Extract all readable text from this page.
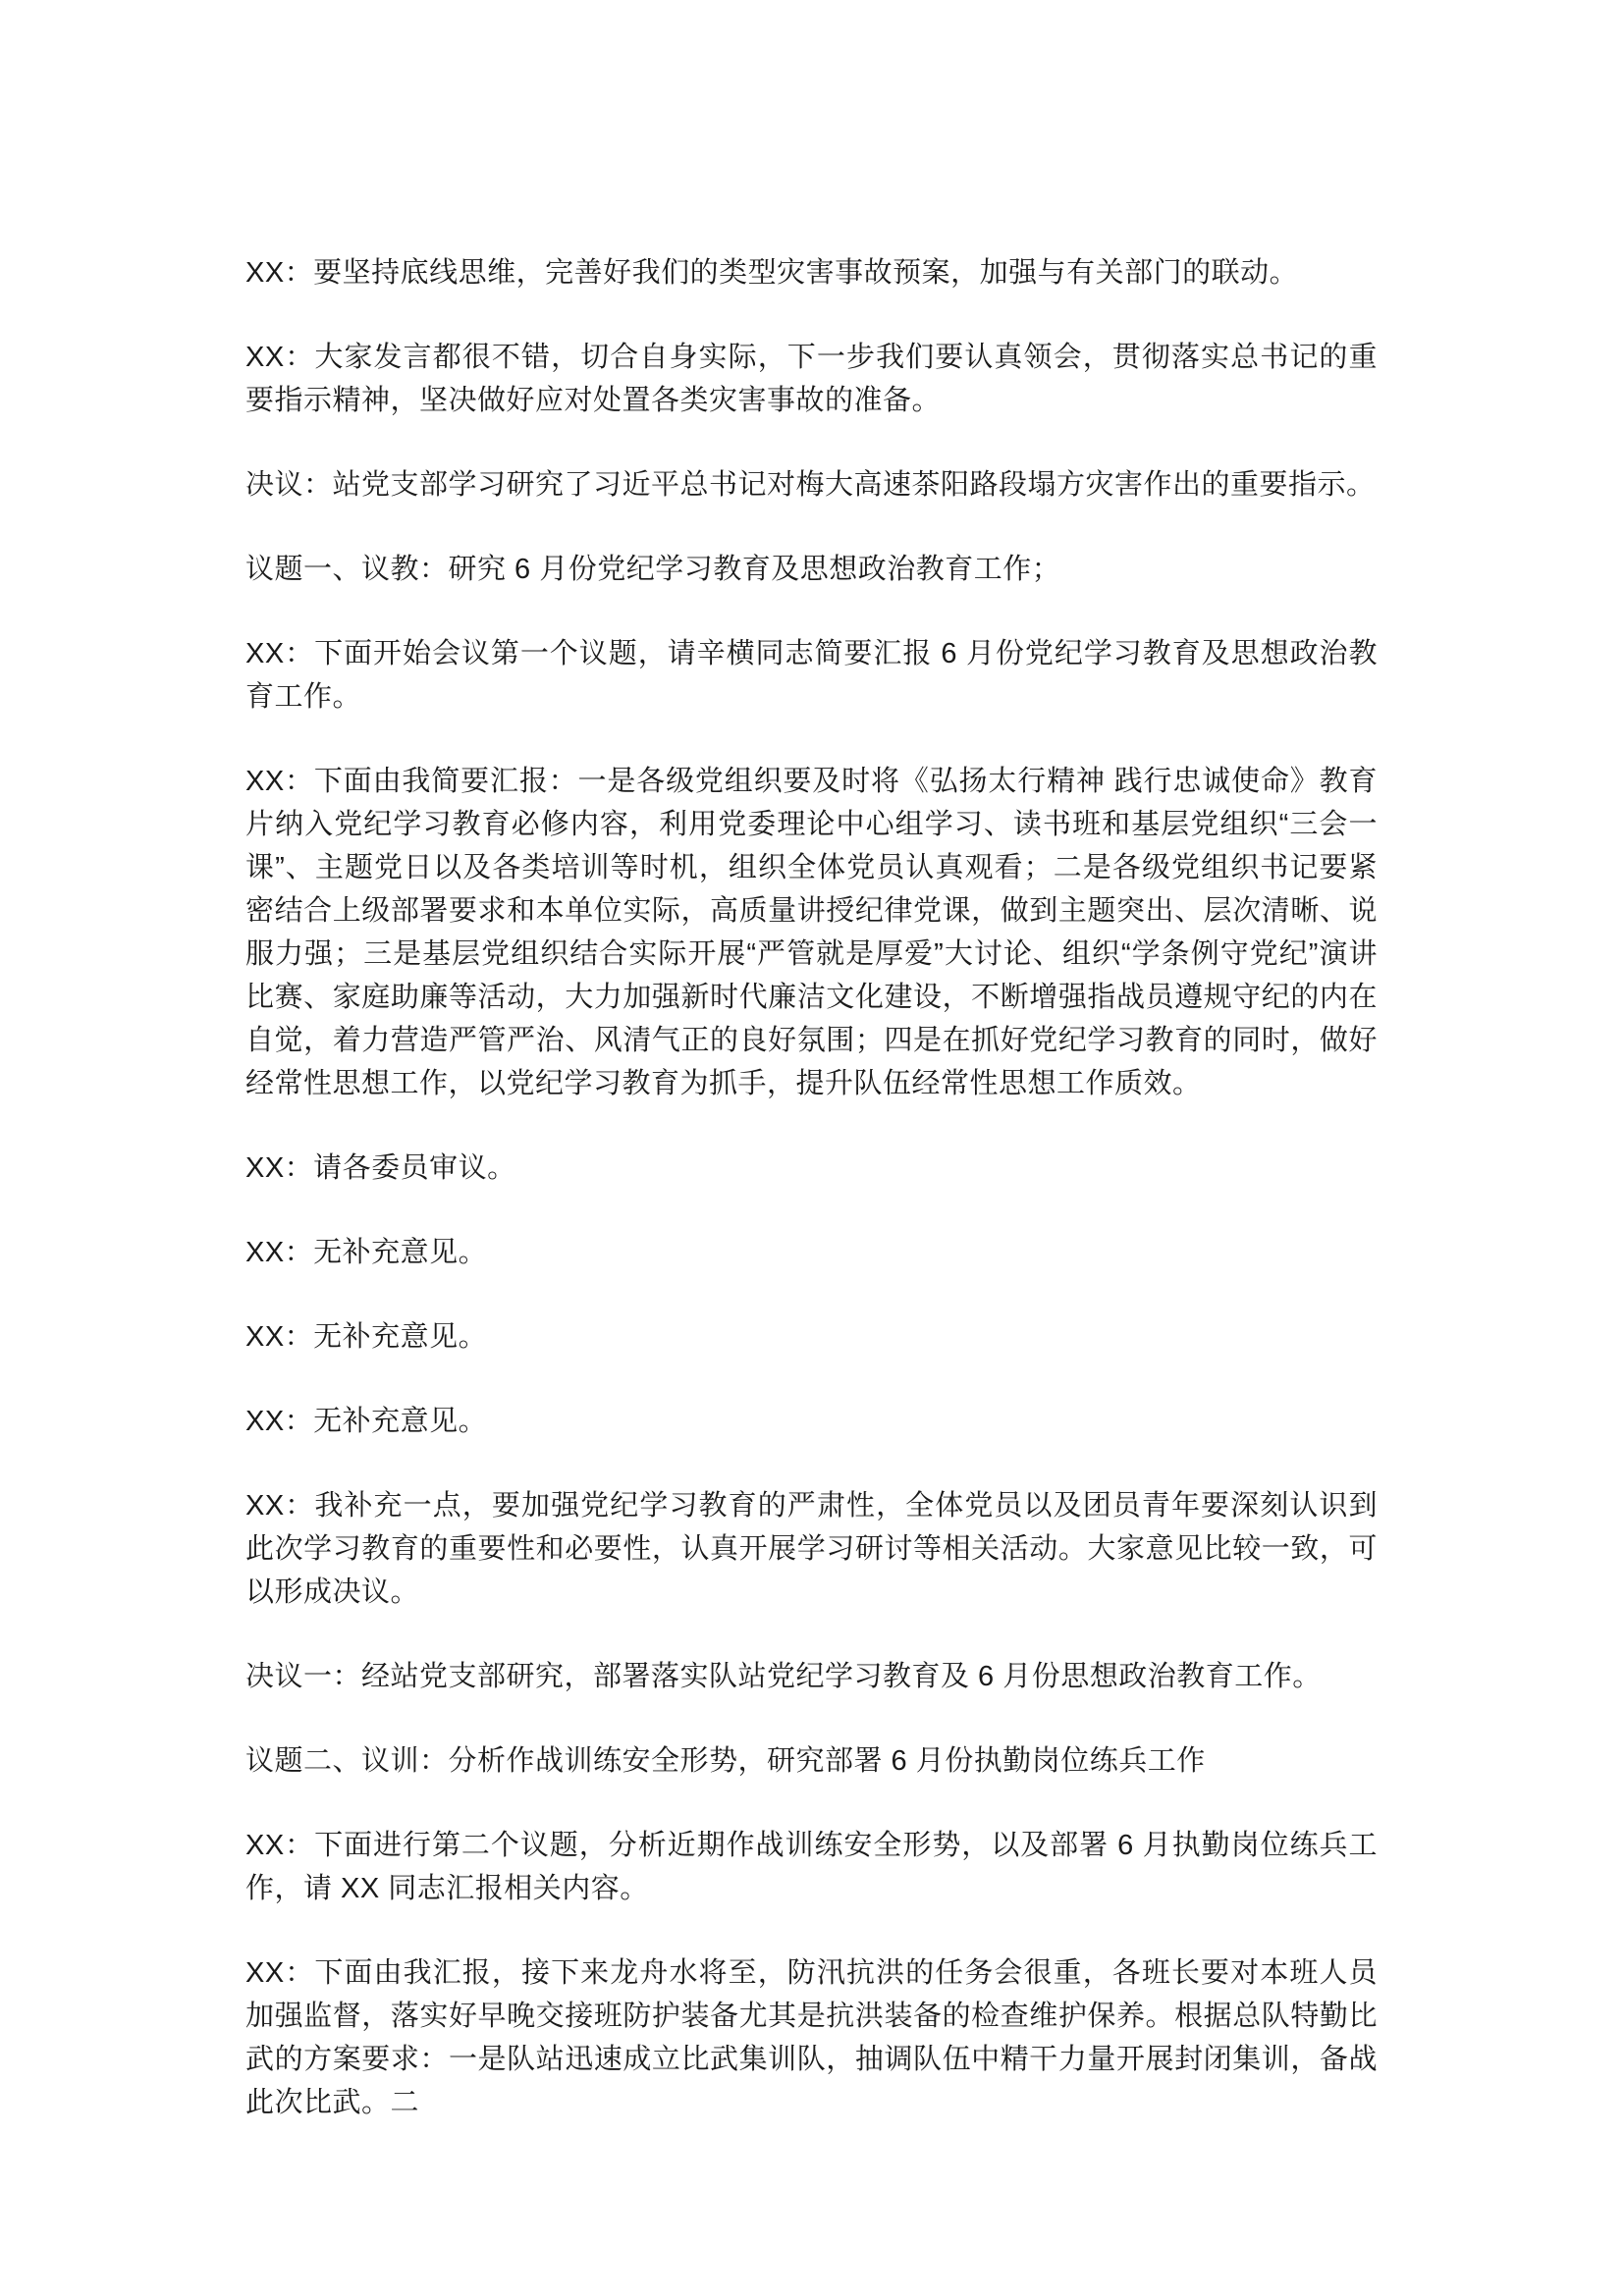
XX：要坚持底线思维，完善好我们的类型灾害事故预案，加强与有关部门的联动。

XX：大家发言都很不错，切合自身实际，下一步我们要认真领会，贯彻落实总书记的重要指示精神，坚决做好应对处置各类灾害事故的准备。

决议：站党支部学习研究了习近平总书记对梅大高速茶阳路段塌方灾害作出的重要指示。

议题一、议教：研究 6 月份党纪学习教育及思想政治教育工作；

XX：下面开始会议第一个议题，请辛横同志简要汇报 6 月份党纪学习教育及思想政治教育工作。

XX：下面由我简要汇报：一是各级党组织要及时将《弘扬太行精神 践行忠诚使命》教育片纳入党纪学习教育必修内容，利用党委理论中心组学习、读书班和基层党组织“三会一课”、主题党日以及各类培训等时机，组织全体党员认真观看；二是各级党组织书记要紧密结合上级部署要求和本单位实际，高质量讲授纪律党课，做到主题突出、层次清晰、说服力强；三是基层党组织结合实际开展“严管就是厚爱”大讨论、组织“学条例守党纪”演讲比赛、家庭助廉等活动，大力加强新时代廉洁文化建设，不断增强指战员遵规守纪的内在自觉，着力营造严管严治、风清气正的良好氛围；四是在抓好党纪学习教育的同时，做好经常性思想工作，以党纪学习教育为抓手，提升队伍经常性思想工作质效。

XX：请各委员审议。

XX：无补充意见。

XX：无补充意见。

XX：无补充意见。

XX：我补充一点，要加强党纪学习教育的严肃性，全体党员以及团员青年要深刻认识到此次学习教育的重要性和必要性，认真开展学习研讨等相关活动。大家意见比较一致，可以形成决议。

决议一：经站党支部研究，部署落实队站党纪学习教育及 6 月份思想政治教育工作。

议题二、议训：分析作战训练安全形势，研究部署 6 月份执勤岗位练兵工作

XX：下面进行第二个议题，分析近期作战训练安全形势，以及部署 6 月执勤岗位练兵工作，请 XX 同志汇报相关内容。

XX：下面由我汇报，接下来龙舟水将至，防汛抗洪的任务会很重，各班长要对本班人员加强监督，落实好早晚交接班防护装备尤其是抗洪装备的检查维护保养。根据总队特勤比武的方案要求：一是队站迅速成立比武集训队，抽调队伍中精干力量开展封闭集训，备战此次比武。二
